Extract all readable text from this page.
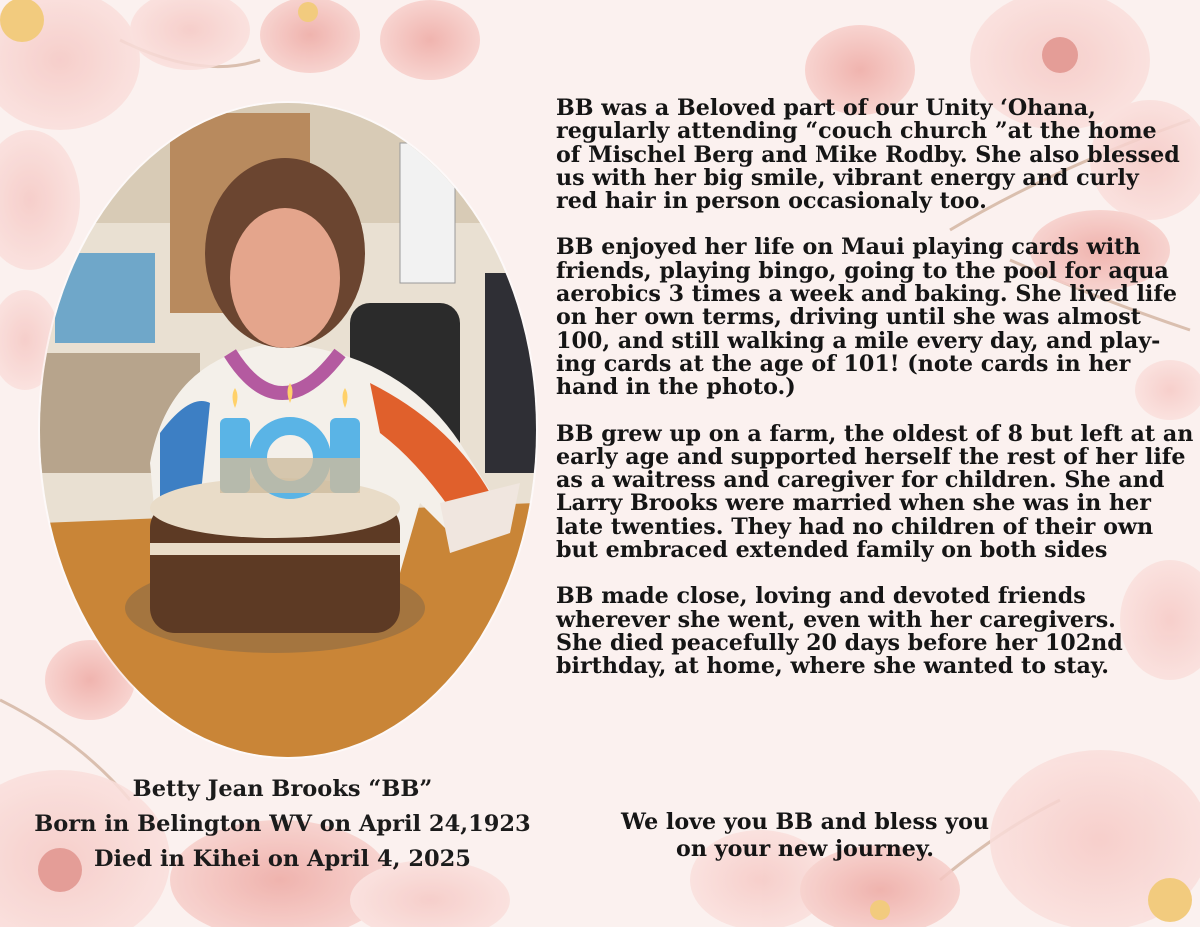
Betty Jean Brooks “BB”
Born in Belington WV on April 24,1923
Died in Kihei on April 4, 2025

BB was a Beloved part of our Unity ‘Ohana,
regularly attending “couch church ”at the home
of Mischel Berg and Mike Rodby. She also blessed
us with her big smile, vibrant energy and curly
red hair in person occasionaly too.

BB enjoyed her life on Maui playing cards with
friends, playing bingo, going to the pool for aqua
aerobics 3 times a week and baking. She lived life
on her own terms, driving until she was almost
100, and still walking a mile every day, and play-
ing cards at the age of 101! (note cards in her
hand in the photo.)

BB grew up on a farm, the oldest of 8 but left at an
early age and supported herself the rest of her life
as a waitress and caregiver for children. She and
Larry Brooks were married when she was in her
late twenties. They had no children of their own
but embraced extended family on both sides

BB made close, loving and devoted friends
wherever she went, even with her caregivers.
She died peacefully 20 days before her 102nd
birthday, at home, where she wanted to stay.

We love you BB and bless you
on your new journey.
